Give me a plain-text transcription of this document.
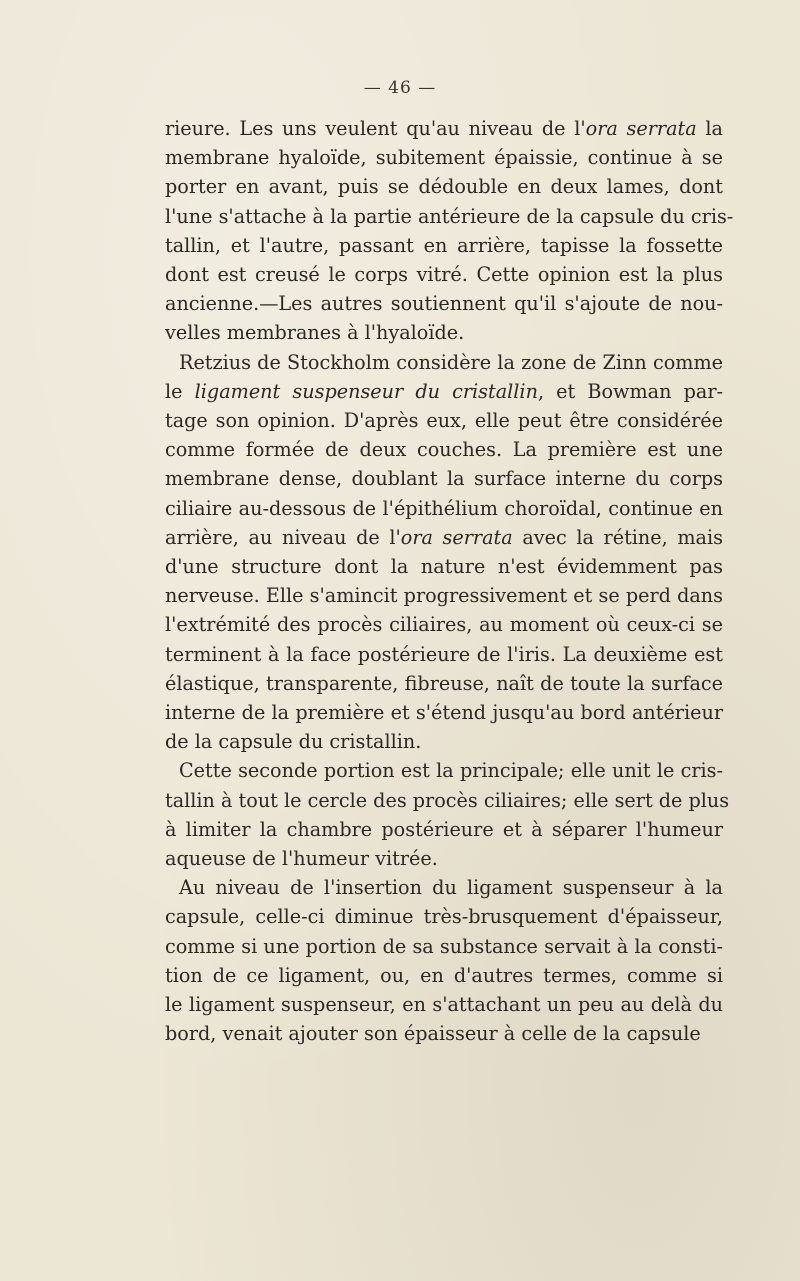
— 46 —

rieure. Les uns veulent qu'au niveau de l'ora serrata la
membrane hyaloïde, subitement épaissie, continue à se
porter en avant, puis se dédouble en deux lames, dont
l'une s'attache à la partie antérieure de la capsule du cris-
tallin, et l'autre, passant en arrière, tapisse la fossette
dont est creusé le corps vitré. Cette opinion est la plus
ancienne.—Les autres soutiennent qu'il s'ajoute de nou-
velles membranes à l'hyaloïde.

Retzius de Stockholm considère la zone de Zinn comme
le ligament suspenseur du cristallin, et Bowman par-
tage son opinion. D'après eux, elle peut être considérée
comme formée de deux couches. La première est une
membrane dense, doublant la surface interne du corps
ciliaire au-dessous de l'épithélium choroïdal, continue en
arrière, au niveau de l'ora serrata avec la rétine, mais
d'une structure dont la nature n'est évidemment pas
nerveuse. Elle s'amincit progressivement et se perd dans
l'extrémité des procès ciliaires, au moment où ceux-ci se
terminent à la face postérieure de l'iris. La deuxième est
élastique, transparente, fibreuse, naît de toute la surface
interne de la première et s'étend jusqu'au bord antérieur
de la capsule du cristallin.

Cette seconde portion est la principale; elle unit le cris-
tallin à tout le cercle des procès ciliaires; elle sert de plus
à limiter la chambre postérieure et à séparer l'humeur
aqueuse de l'humeur vitrée.

Au niveau de l'insertion du ligament suspenseur à la
capsule, celle-ci diminue très-brusquement d'épaisseur,
comme si une portion de sa substance servait à la consti-
tion de ce ligament, ou, en d'autres termes, comme si
le ligament suspenseur, en s'attachant un peu au delà du
bord, venait ajouter son épaisseur à celle de la capsule
